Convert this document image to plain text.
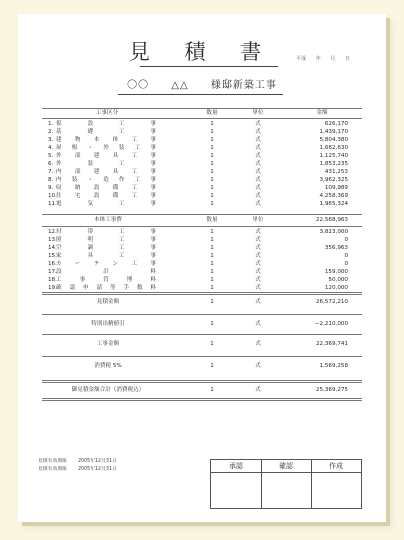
見 積 書	平成 年 月 日
〇〇 △△ 様邸新築工事
工事区分	数量	単位	金額
1. 仮設工事	1	式	626,170
2. 基礎工事	1	式	1,439,170
3. 建物本体工事	1	式	5,804,380
4. 屋根・外装工事	1	式	1,682,630
5. 外部建具工事	1	式	1,125,740
6. 外装工事	1	式	1,853,235
7. 内部建具工事	1	式	431,253
8. 内装・造作工事	1	式	3,962,325
9. 収納設備工事	1	式	109,989
10. 住宅設備工事	1	式	4,258,369
11. 電気工事	1	式	1,965,324
本体工事費	数量	単位	22,568,963
12. 付帯工事	1	式	3,823,000
13. 照明工事	1	式	0
14. 空調工事	1	式	356,963
15. 家具工事	1	式	0
16. カーテン工事	1	式	0
17. 設計料	1	式	159,000
18. 工事管理料	1	式	50,000
19. 確認申請等手数料	1	式	120,000
見積金額	1	式	26,572,210
特別出精値引	1	式	−2,210,000
工事金額	1	式	22,369,741
消費税 5%	1	式	1,569,258
御見積金額合計（消費税込）	1	式	25,369,275
見積有効期限 2005年12月31日
見積有効期限 2005年12月31日	承認	確認	作成
